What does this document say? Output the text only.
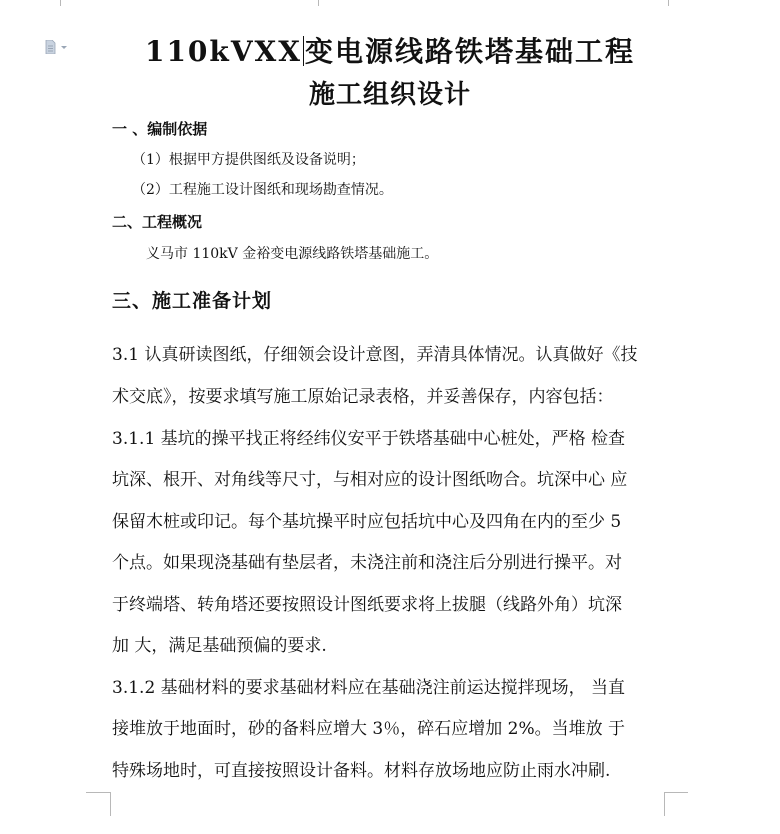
110kVXX 变电源线路铁塔基础工程
施工组织设计
一 、编制依据
（1）根据甲方提供图纸及设备说明；
（2）工程施工设计图纸和现场勘查情况。
二、工程概况
义马市 110kV 金裕变电源线路铁塔基础施工。
三、施工准备计划
3.1 认真研读图纸，仔细领会设计意图，弄清具体情况。认真做好《技
术交底》，按要求填写施工原始记录表格，并妥善保存，内容包括：
3.1.1 基坑的操平找正将经纬仪安平于铁塔基础中心桩处，严格 检查
坑深、根开、对角线等尺寸，与相对应的设计图纸吻合。坑深中心 应
保留木桩或印记。每个基坑操平时应包括坑中心及四角在内的至少 5
个点。如果现浇基础有垫层者，未浇注前和浇注后分别进行操平。对
于终端塔、转角塔还要按照设计图纸要求将上拔腿（线路外角）坑深
加 大，满足基础预偏的要求.
3.1.2 基础材料的要求基础材料应在基础浇注前运达搅拌现场， 当直
接堆放于地面时，砂的备料应增大 3％，碎石应增加 2%。当堆放 于
特殊场地时，可直接按照设计备料。材料存放场地应防止雨水冲刷.
